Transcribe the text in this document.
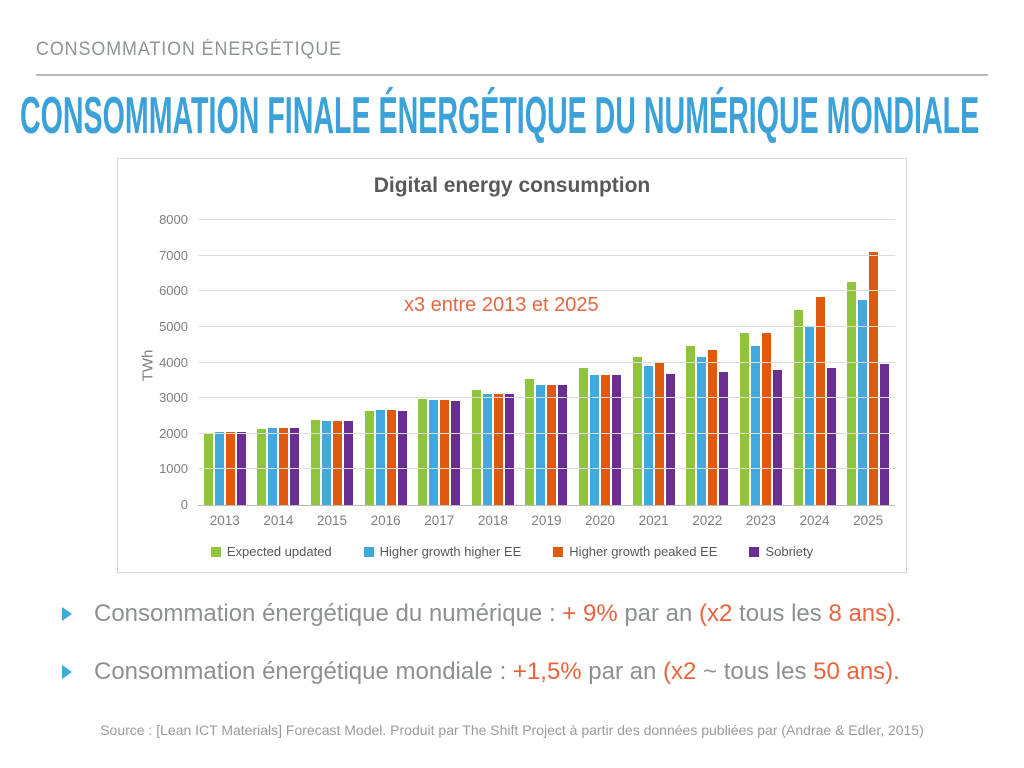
CONSOMMATION ÉNERGÉTIQUE
CONSOMMATION FINALE ÉNERGÉTIQUE DU NUMÉRIQUE MONDIALE
Digital energy consumption
TWh
2013	2014	2015	2016	2017	2018	2019	2020	2021	2022	2023	2024	2025
0
1000
2000
3000
4000
5000
6000
7000
8000
x3 entre 2013 et 2025
Expected updated	Higher growth higher EE	Higher growth peaked EE	Sobriety
Consommation énergétique du numérique : + 9% par an (x2 tous les 8 ans).
Consommation énergétique mondiale : +1,5% par an (x2 ~ tous les 50 ans).
Source : [Lean ICT Materials] Forecast Model. Produit par The Shift Project à partir des données publiées par (Andrae & Edler, 2015)
